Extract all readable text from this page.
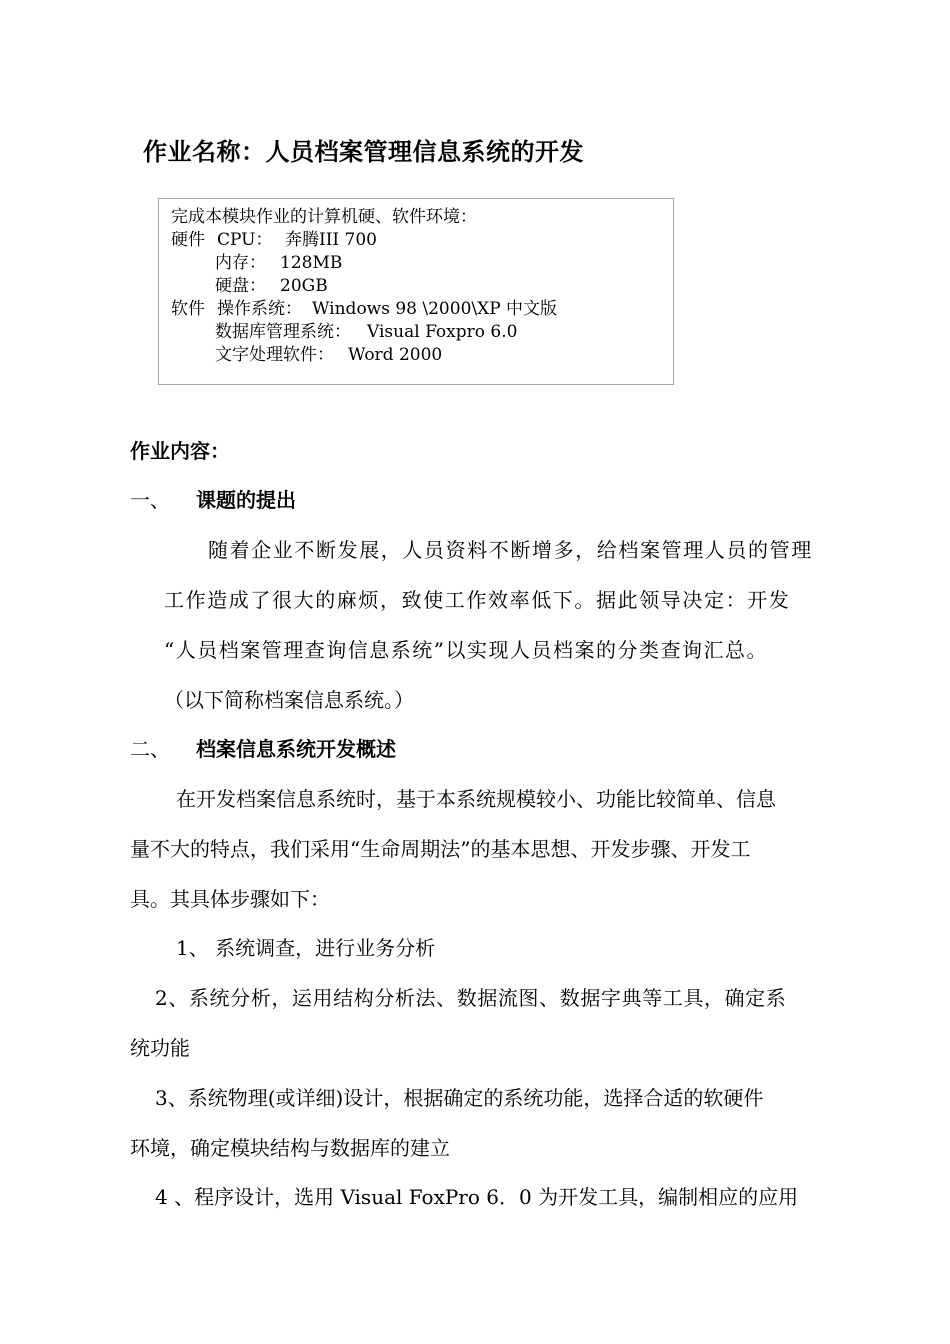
作业名称：人员档案管理信息系统的开发
完成本模块作业的计算机硬、软件环境：
硬件 CPU： 奔腾III 700
内存： 128MB
硬盘： 20GB
软件 操作系统： Windows 98 \2000\XP 中文版
数据库管理系统： Visual Foxpro 6.0
文字处理软件： Word 2000
作业内容：
一、 课题的提出
随着企业不断发展，人员资料不断增多，给档案管理人员的管理
工作造成了很大的麻烦，致使工作效率低下。据此领导决定：开发
“人员档案管理查询信息系统”以实现人员档案的分类查询汇总。
（以下简称档案信息系统。）
二、 档案信息系统开发概述
在开发档案信息系统时，基于本系统规模较小、功能比较简单、信息
量不大的特点，我们采用“生命周期法”的基本思想、开发步骤、开发工
具。其具体步骤如下：
1、 系统调查，进行业务分析
2、系统分析，运用结构分析法、数据流图、数据字典等工具，确定系
统功能
3、系统物理(或详细)设计，根据确定的系统功能，选择合适的软硬件
环境，确定模块结构与数据库的建立
4 、程序设计，选用 Visual FoxPro 6．0 为开发工具，编制相应的应用
